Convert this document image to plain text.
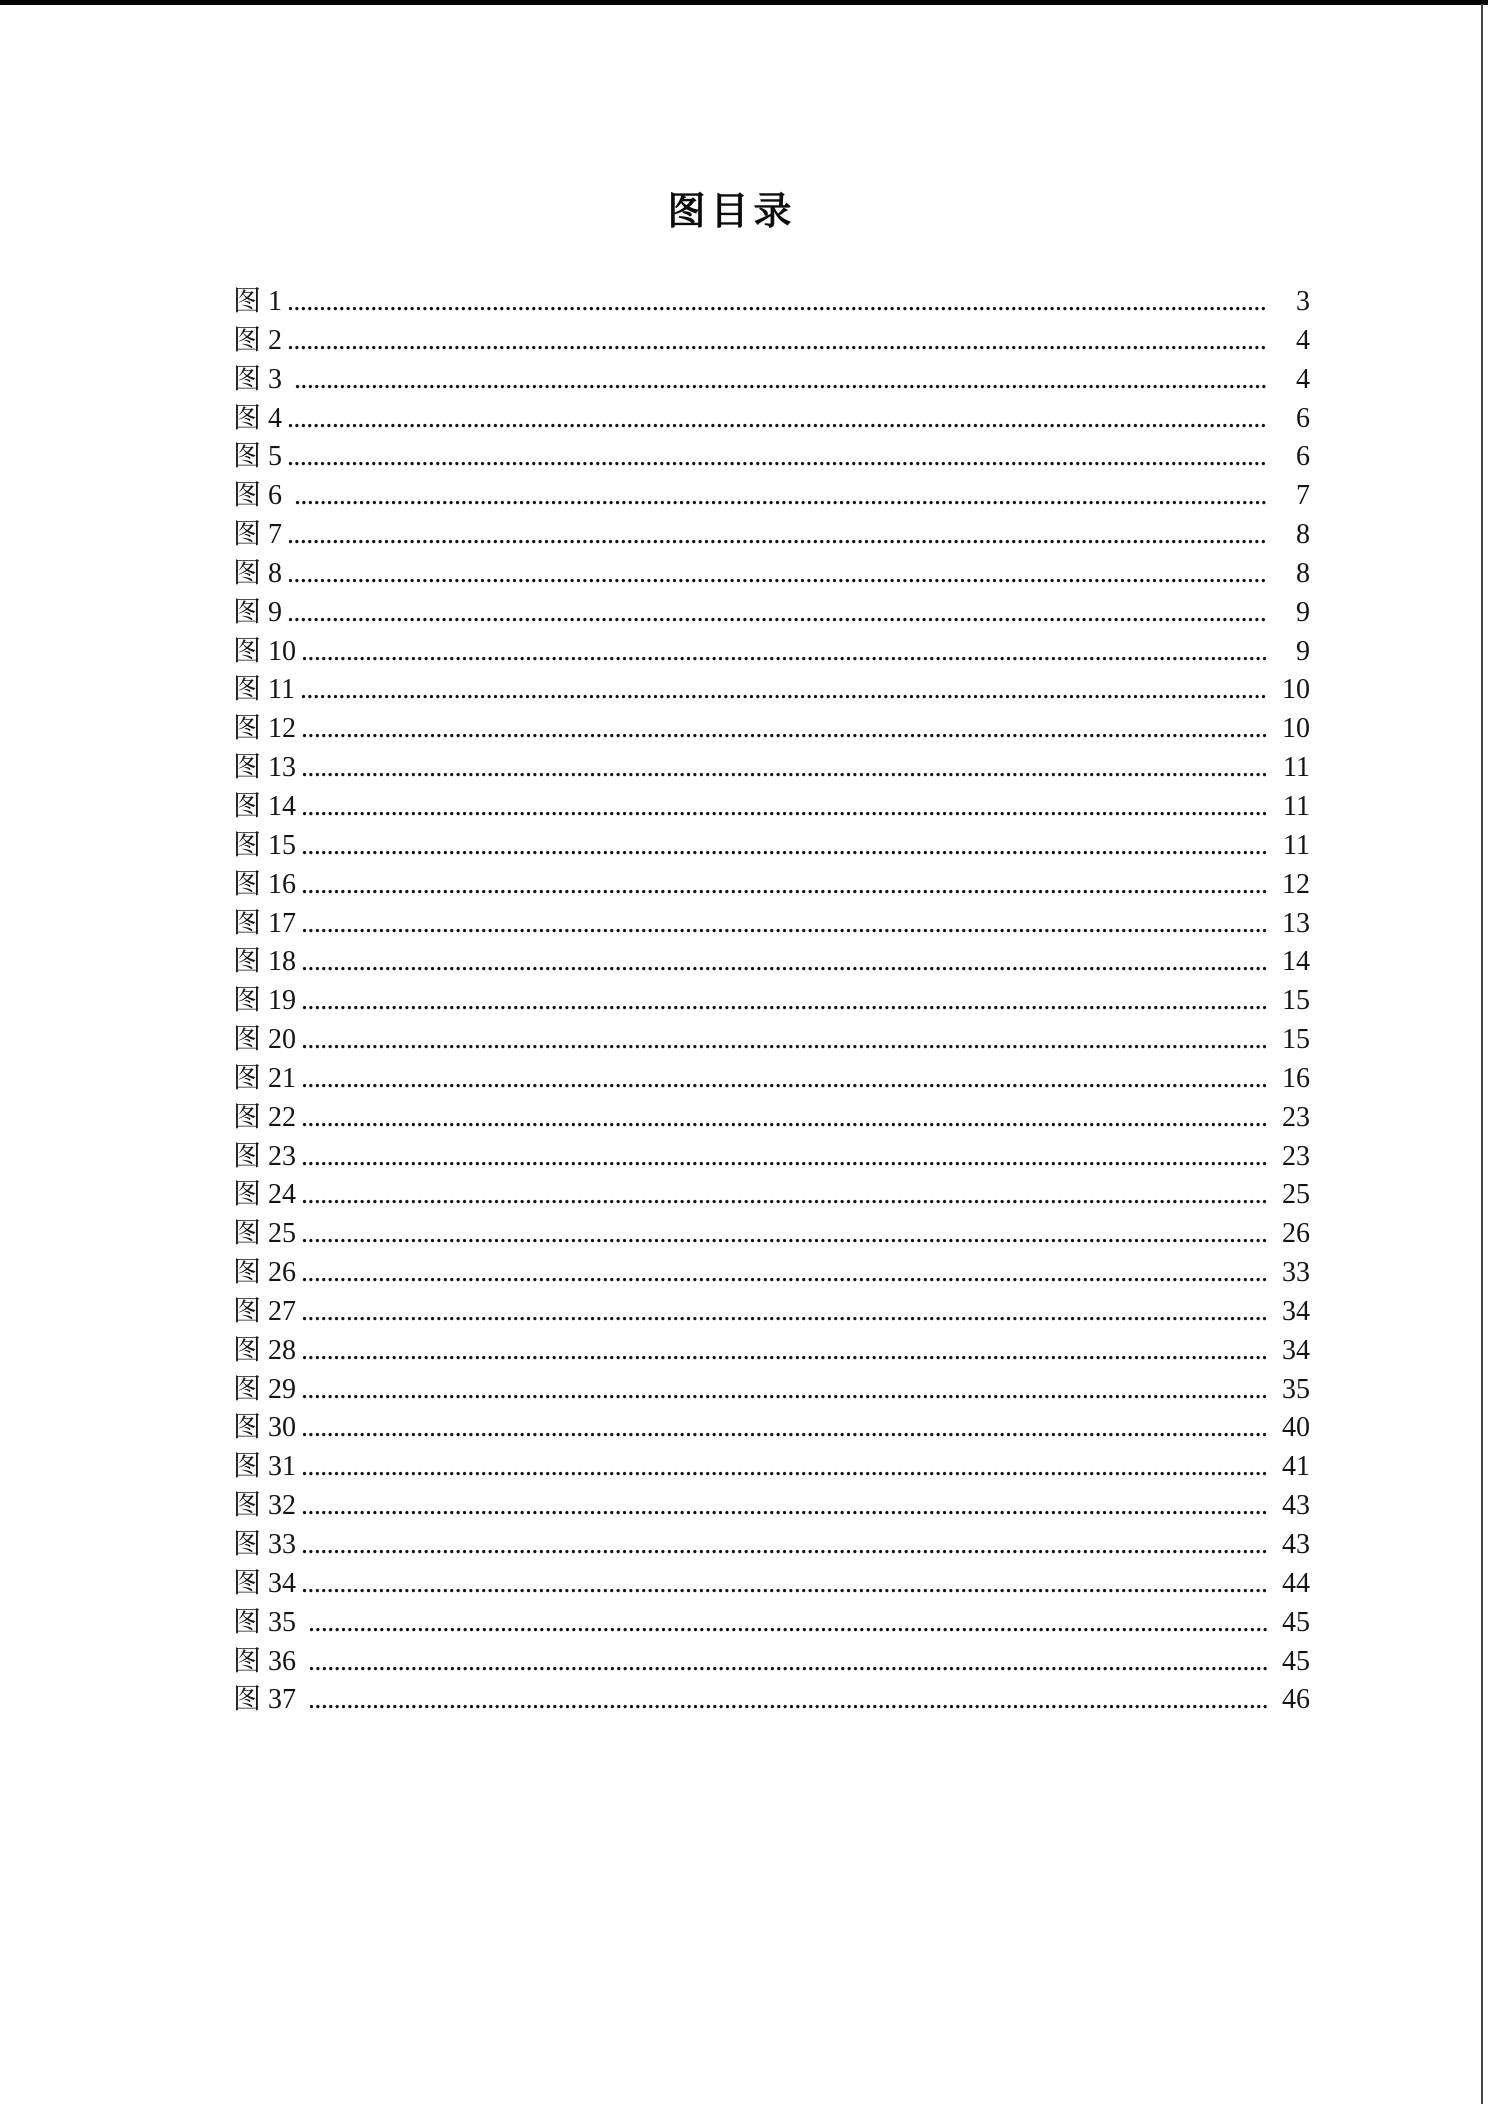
图目录
图 1 .....	3
图 2 .....	4
图 3 .....	4
图 4 .....	6
图 5 .....	6
图 6 .....	7
图 7 .....	8
图 8 .....	8
图 9 .....	9
图 10 .....	9
图 11 .....	10
图 12 .....	10
图 13 .....	11
图 14 .....	11
图 15 .....	11
图 16 .....	12
图 17 .....	13
图 18 .....	14
图 19 .....	15
图 20 .....	15
图 21 .....	16
图 22 .....	23
图 23 .....	23
图 24 .....	25
图 25 .....	26
图 26 .....	33
图 27 .....	34
图 28 .....	34
图 29 .....	35
图 30 .....	40
图 31 .....	41
图 32 .....	43
图 33 .....	43
图 34 .....	44
图 35 .....	45
图 36 .....	45
图 37 .....	46
